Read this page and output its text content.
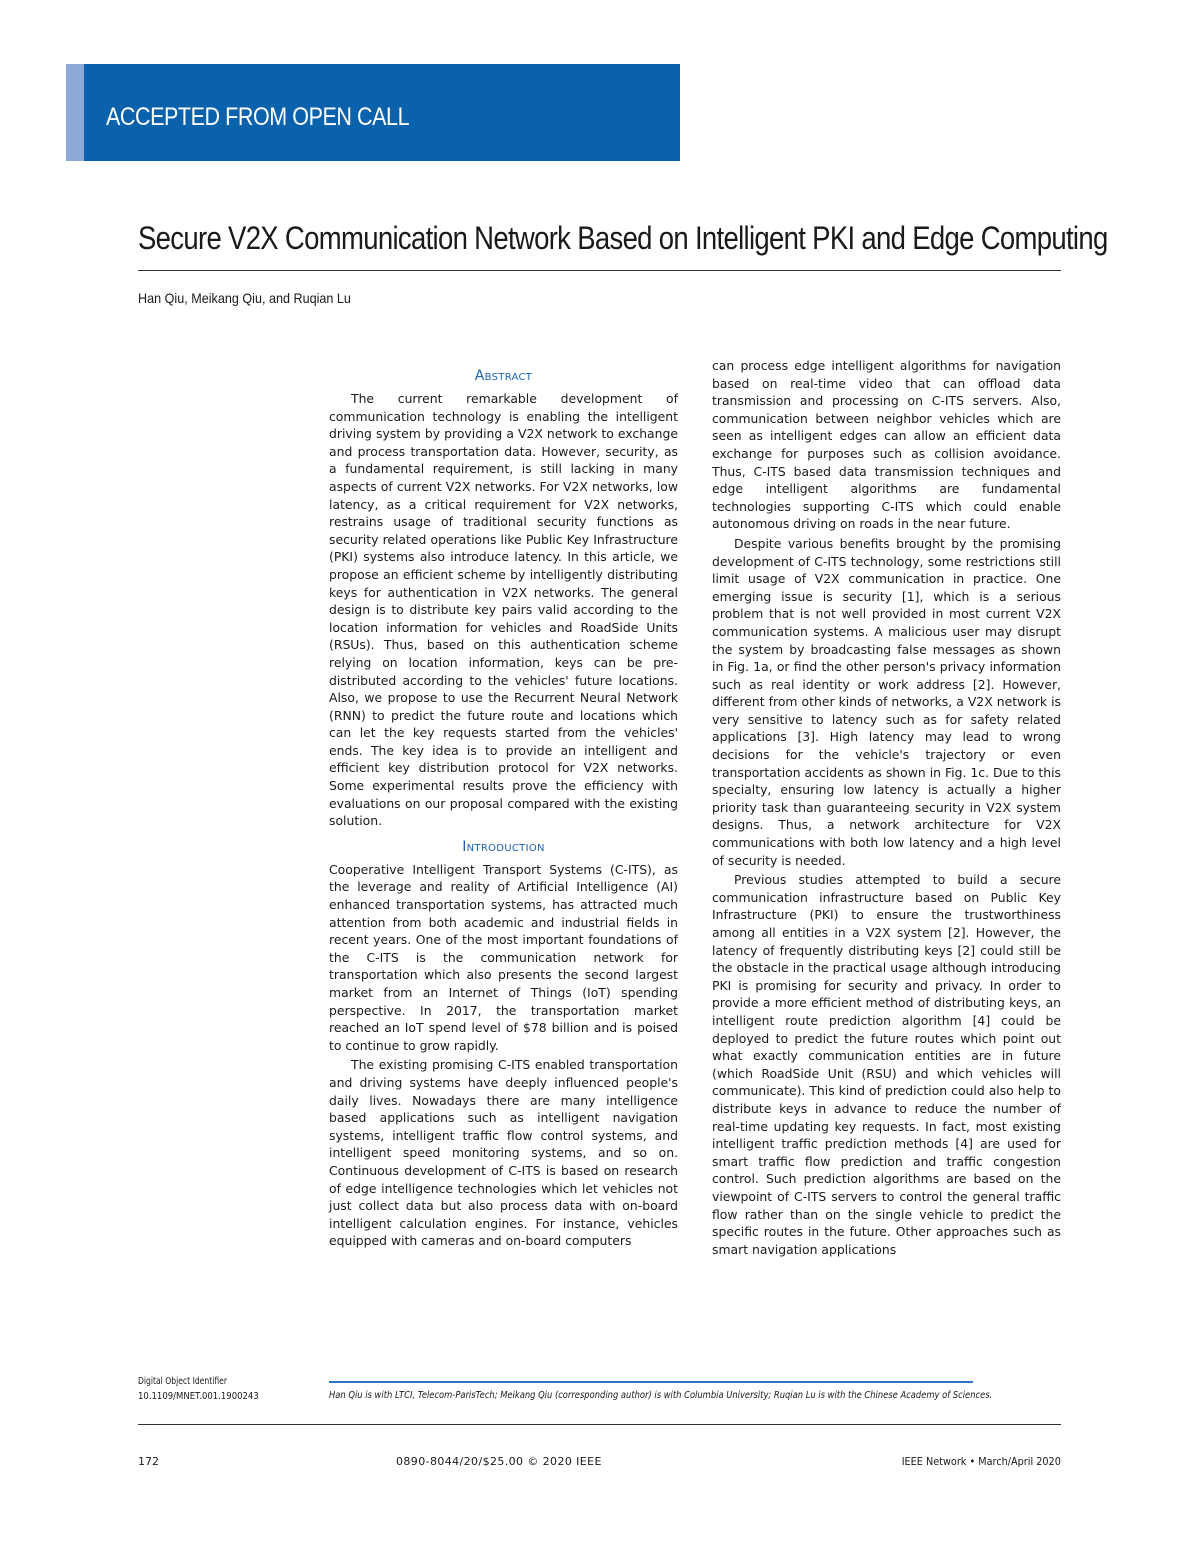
ACCEPTED FROM OPEN CALL
Secure V2X Communication Network Based on Intelligent PKI and Edge Computing
Han Qiu, Meikang Qiu, and Ruqian Lu
Abstract

The current remarkable development of communication technology is enabling the intelligent driving system by providing a V2X network to exchange and process transportation data. However, security, as a fundamental requirement, is still lacking in many aspects of current V2X networks. For V2X networks, low latency, as a critical requirement for V2X networks, restrains usage of traditional security functions as security related operations like Public Key Infrastructure (PKI) systems also introduce latency. In this article, we propose an efficient scheme by intelligently distributing keys for authentication in V2X networks. The general design is to distribute key pairs valid according to the location information for vehicles and RoadSide Units (RSUs). Thus, based on this authentication scheme relying on location information, keys can be pre-distributed according to the vehicles' future locations. Also, we propose to use the Recurrent Neural Network (RNN) to predict the future route and locations which can let the key requests started from the vehicles' ends. The key idea is to provide an intelligent and efficient key distribution protocol for V2X networks. Some experimental results prove the efficiency with evaluations on our proposal compared with the existing solution.

Introduction

Cooperative Intelligent Transport Systems (C-ITS), as the leverage and reality of Artificial Intelligence (AI) enhanced transportation systems, has attracted much attention from both academic and industrial fields in recent years. One of the most important foundations of the C-ITS is the communication network for transportation which also presents the second largest market from an Internet of Things (IoT) spending perspective. In 2017, the transportation market reached an IoT spend level of $78 billion and is poised to continue to grow rapidly.

The existing promising C-ITS enabled transportation and driving systems have deeply influenced people's daily lives. Nowadays there are many intelligence based applications such as intelligent navigation systems, intelligent traffic flow control systems, and intelligent speed monitoring systems, and so on. Continuous development of C-ITS is based on research of edge intelligence technologies which let vehicles not just collect data but also process data with on-board intelligent calculation engines. For instance, vehicles equipped with cameras and on-board computers

can process edge intelligent algorithms for navigation based on real-time video that can offload data transmission and processing on C-ITS servers. Also, communication between neighbor vehicles which are seen as intelligent edges can allow an efficient data exchange for purposes such as collision avoidance. Thus, C-ITS based data transmission techniques and edge intelligent algorithms are fundamental technologies supporting C-ITS which could enable autonomous driving on roads in the near future.

Despite various benefits brought by the promising development of C-ITS technology, some restrictions still limit usage of V2X communication in practice. One emerging issue is security [1], which is a serious problem that is not well provided in most current V2X communication systems. A malicious user may disrupt the system by broadcasting false messages as shown in Fig. 1a, or find the other person's privacy information such as real identity or work address [2]. However, different from other kinds of networks, a V2X network is very sensitive to latency such as for safety related applications [3]. High latency may lead to wrong decisions for the vehicle's trajectory or even transportation accidents as shown in Fig. 1c. Due to this specialty, ensuring low latency is actually a higher priority task than guaranteeing security in V2X system designs. Thus, a network architecture for V2X communications with both low latency and a high level of security is needed.

Previous studies attempted to build a secure communication infrastructure based on Public Key Infrastructure (PKI) to ensure the trustworthiness among all entities in a V2X system [2]. However, the latency of frequently distributing keys [2] could still be the obstacle in the practical usage although introducing PKI is promising for security and privacy. In order to provide a more efficient method of distributing keys, an intelligent route prediction algorithm [4] could be deployed to predict the future routes which point out what exactly communication entities are in future (which RoadSide Unit (RSU) and which vehicles will communicate). This kind of prediction could also help to distribute keys in advance to reduce the number of real-time updating key requests. In fact, most existing intelligent traffic prediction methods [4] are used for smart traffic flow prediction and traffic congestion control. Such prediction algorithms are based on the viewpoint of C-ITS servers to control the general traffic flow rather than on the single vehicle to predict the specific routes in the future. Other approaches such as smart navigation applications

Digital Object Identifier
10.1109/MNET.001.1900243	Han Qiu is with LTCI, Telecom-ParisTech; Meikang Qiu (corresponding author) is with Columbia University; Ruqian Lu is with the Chinese Academy of Sciences.
172	0890-8044/20/$25.00 © 2020 IEEE	IEEE Network • March/April 2020
